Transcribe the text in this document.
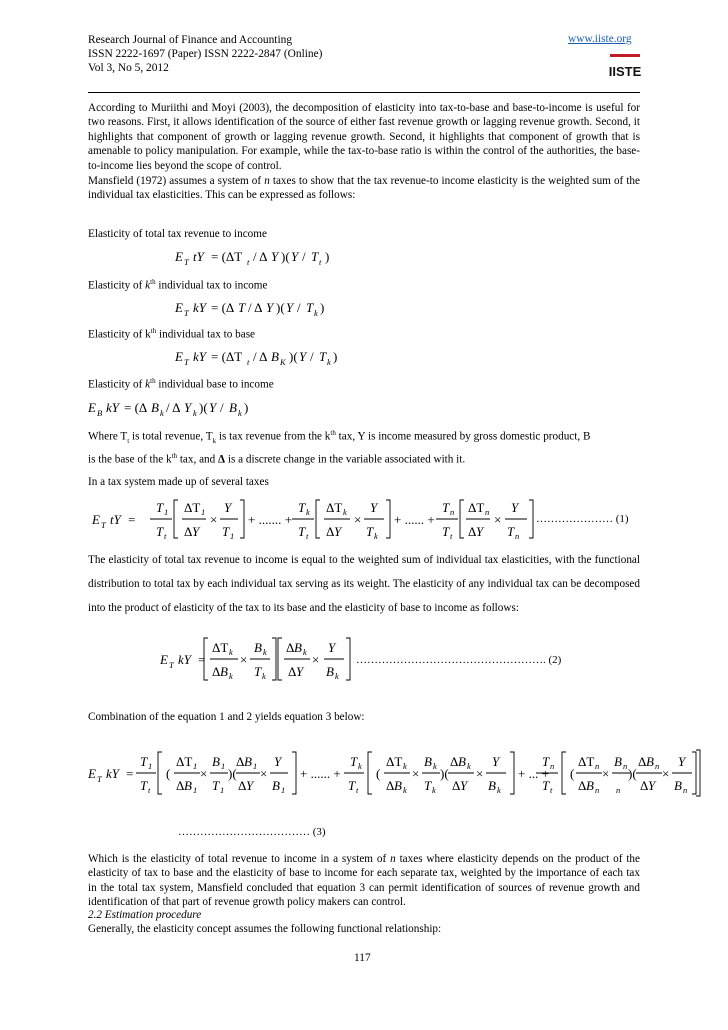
Research Journal of Finance and Accounting
ISSN 2222-1697 (Paper) ISSN 2222-2847 (Online)
Vol 3, No 5, 2012
www.iiste.org
IISTE
According to Muriithi and Moyi (2003), the decomposition of elasticity into tax-to-base and base-to-income is useful for two reasons. First, it allows identification of the source of either fast revenue growth or lagging revenue growth. Second, it highlights that component of growth or lagging revenue growth. Second, it highlights that component of growth that is amenable to policy manipulation. For example, while the tax-to-base ratio is within the control of the authorities, the base-to-income lies beyond the scope of control.
Mansfield (1972) assumes a system of n taxes to show that the tax revenue-to income elasticity is the weighted sum of the individual tax elasticities. This can be expressed as follows:
Elasticity of total tax revenue to income
E T tY = (ΔT t / Δ Y )( Y / T t )
Elasticity of $k^{th}$ individual tax to income
E T kY = (Δ T / Δ Y )( Y / T k )
Elasticity of $k^{th}$ individual tax to base
E T kY = (ΔT t / Δ B K )( Y / T k )
Elasticity of $k^{th}$ individual base to income
E B kY = (Δ B k / Δ Y k )( Y / B k )
Where $T_t$ is total revenue, $T_k$ is tax revenue from the $k^{th}$ tax, Y is income measured by gross domestic product, B
is the base of the $k^{th}$ tax, and Δ is a discrete change in the variable associated with it.
In a tax system made up of several taxes
E T tY =
T 1
T t
ΔT 1
Δ Y
×
Y
T 1
+ ....... +
T k
T t
ΔT k
Δ Y
×
Y
T k
+ ...... +
T n
T t
ΔT n
Δ Y
×
Y
T n
………………… (1)
The elasticity of total tax revenue to income is equal to the weighted sum of individual tax elasticities, with the functional distribution to total tax by each individual tax serving as its weight. The elasticity of any individual tax can be decomposed into the product of elasticity of the tax to its base and the elasticity of base to income as follows:
E T kY =
ΔT k
Δ B k
×
B k
T k
Δ B k
Δ Y
×
Y
B k
……………………………………………. (2)
Combination of the equation 1 and 2 yields equation 3 below:
E T kY =
T 1
T t
(
ΔT 1
Δ B 1
×
B 1
T 1
)(
Δ B 1
Δ Y
×
Y
B 1
+ ...... +
T k
T t
(
ΔT k
Δ B k
×
B k
T k
)(
Δ B k
Δ Y
×
Y
B k
+ ... +
T n
T t
(
ΔT n
Δ B n
×
B n
n
)(
Δ B n
Δ Y
×
Y
B n
……………………………… (3)
Which is the elasticity of total revenue to income in a system of n taxes where elasticity depends on the product of the elasticity of tax to base and the elasticity of base to income for each separate tax, weighted by the importance of each tax in the total tax system, Mansfield concluded that equation 3 can permit identification of sources of revenue growth and identification of that part of revenue growth policy makers can control.
2.2 Estimation procedure
Generally, the elasticity concept assumes the following functional relationship:
117
